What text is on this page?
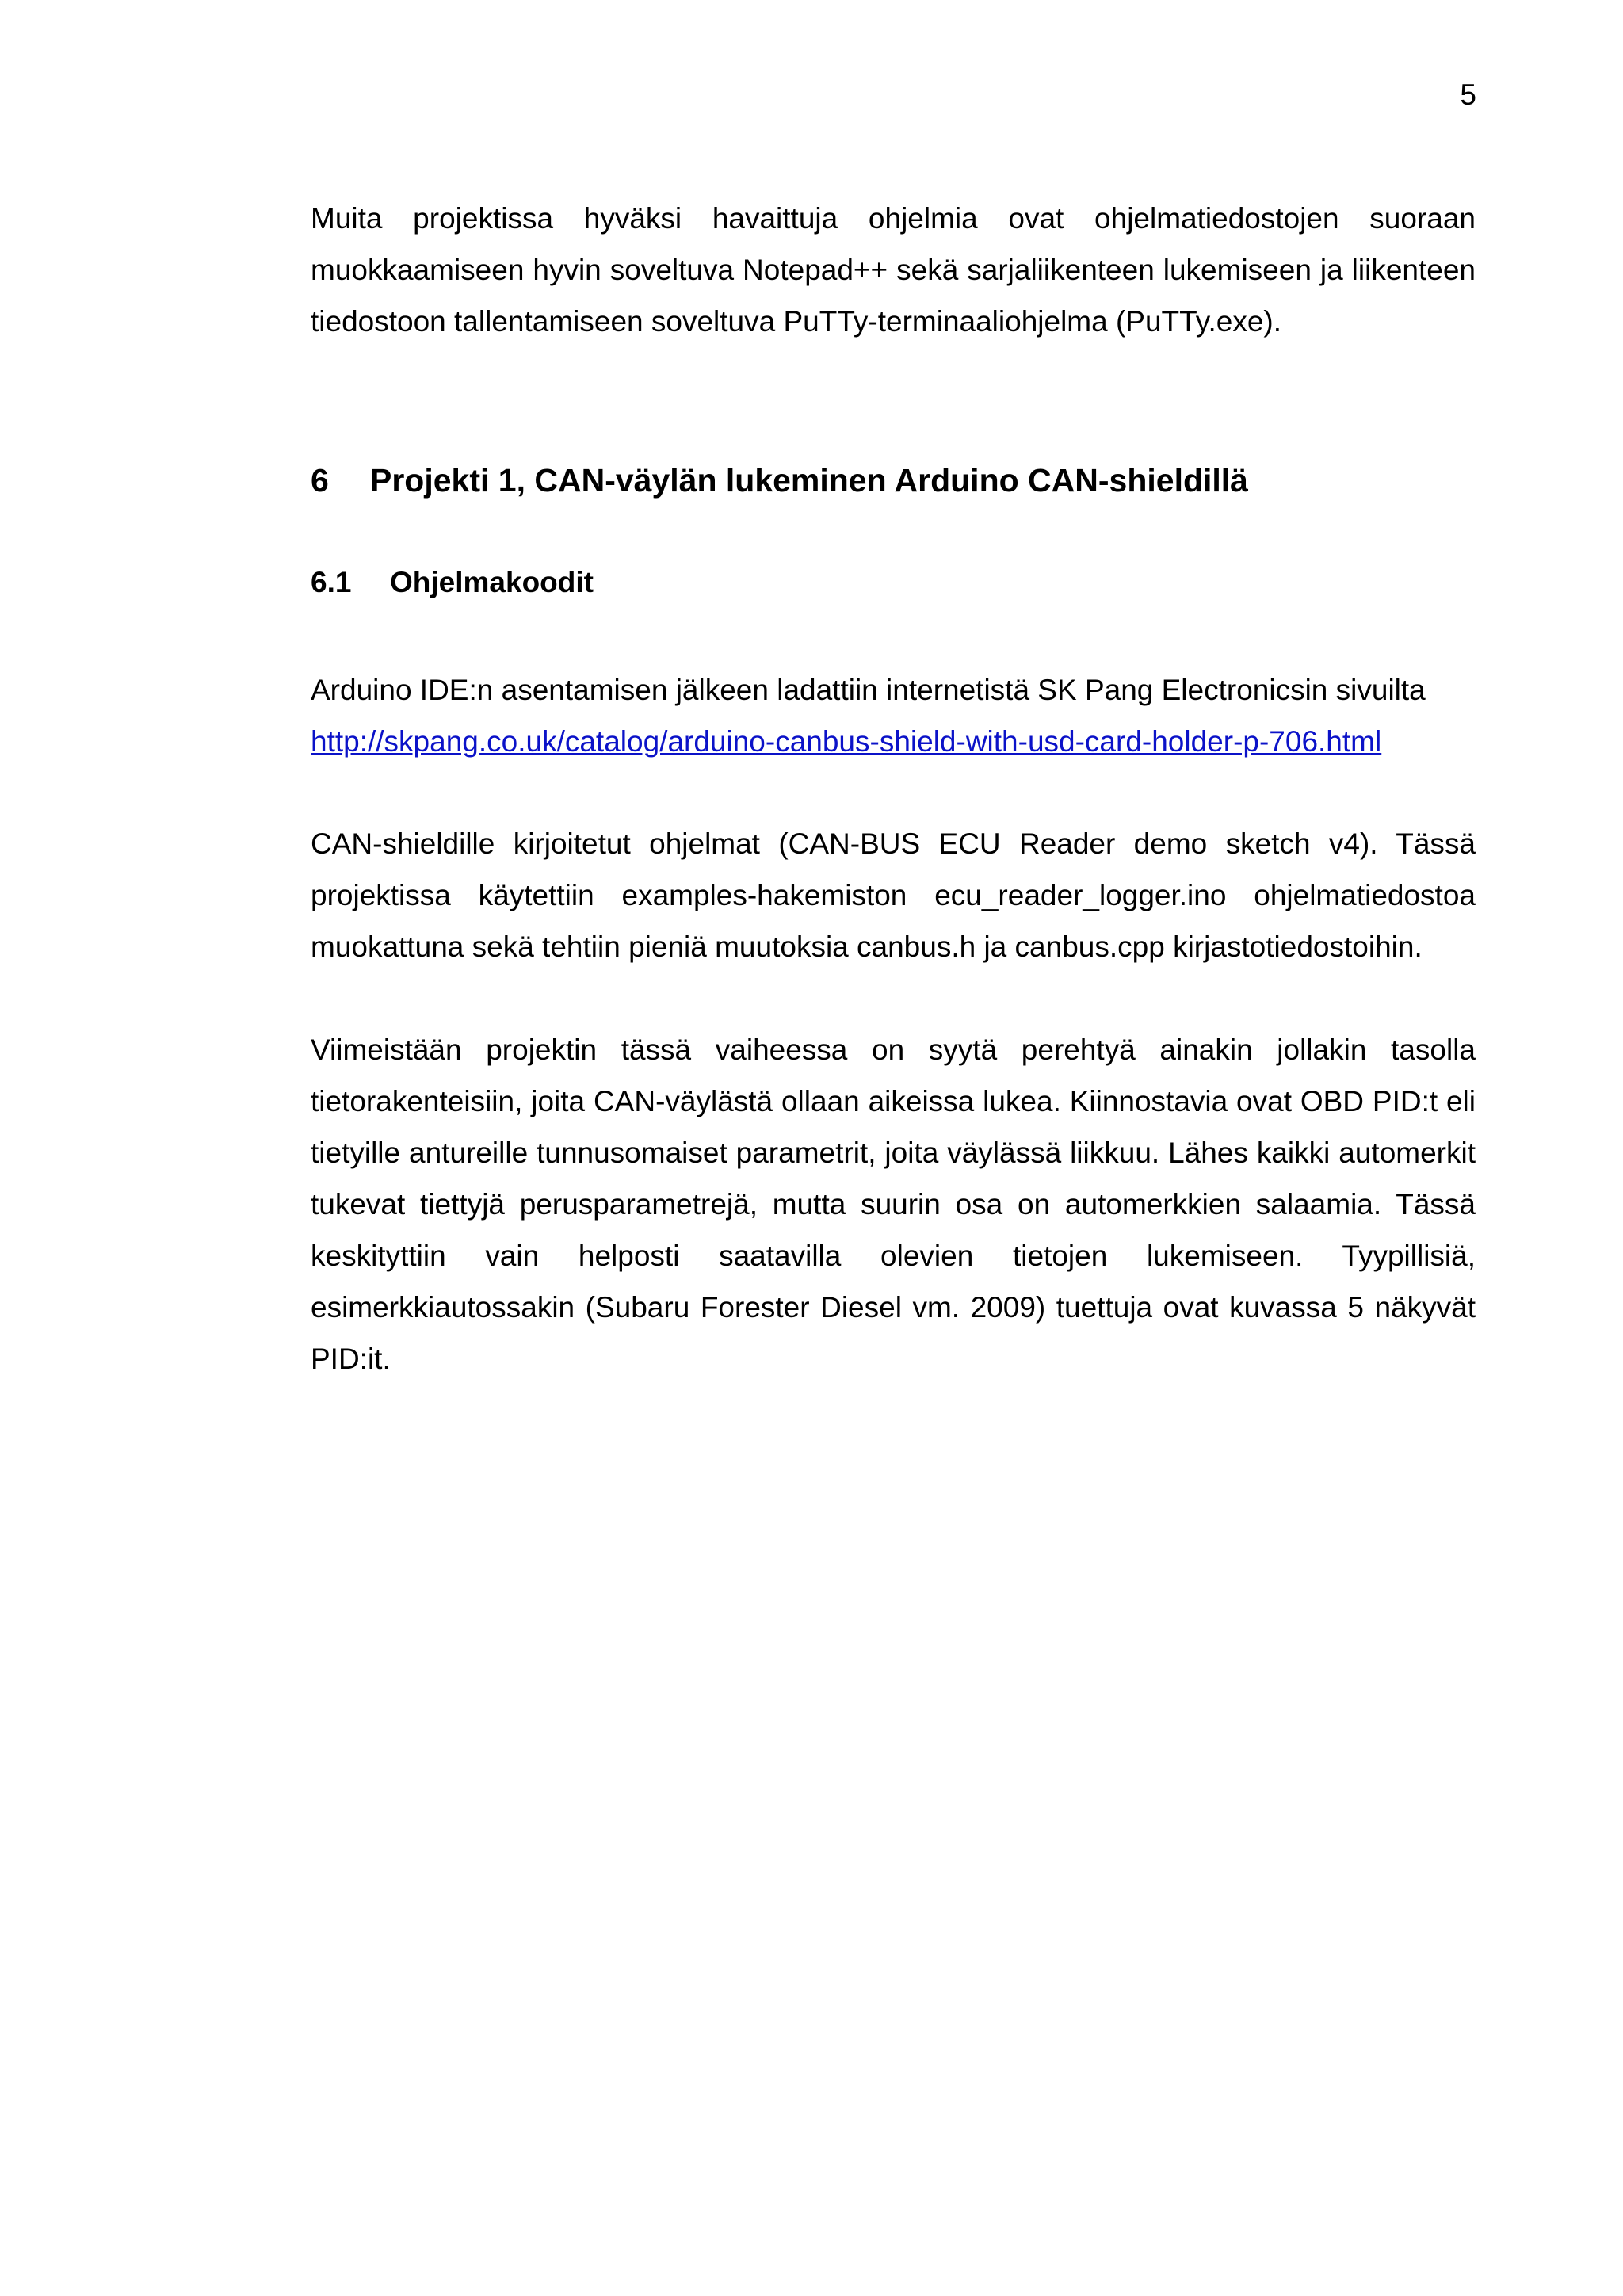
5

Muita projektissa hyväksi havaittuja ohjelmia ovat ohjelmatiedostojen suoraan muokkaamiseen hyvin soveltuva Notepad++ sekä sarjaliikenteen lukemiseen ja liikenteen tiedostoon tallentamiseen soveltuva PuTTy-terminaaliohjelma (PuTTy.exe).

6	Projekti 1, CAN-väylän lukeminen Arduino CAN-shieldillä
6.1	Ohjelmakoodit

Arduino IDE:n asentamisen jälkeen ladattiin internetistä SK Pang Electronicsin sivuilta

http://skpang.co.uk/catalog/arduino-canbus-shield-with-usd-card-holder-p-706.html

CAN-shieldille kirjoitetut ohjelmat (CAN-BUS ECU Reader demo sketch v4). Tässä projektissa käytettiin examples-hakemiston ecu_reader_logger.ino ohjelmatiedostoa muokattuna sekä tehtiin pieniä muutoksia canbus.h ja canbus.cpp kirjastotiedostoihin.

Viimeistään projektin tässä vaiheessa on syytä perehtyä ainakin jollakin tasolla tietorakenteisiin, joita CAN-väylästä ollaan aikeissa lukea. Kiinnostavia ovat OBD PID:t eli tietyille antureille tunnusomaiset parametrit, joita väylässä liikkuu. Lähes kaikki automerkit tukevat tiettyjä perusparametrejä, mutta suurin osa on automerkkien salaamia. Tässä keskityttiin vain helposti saatavilla olevien tietojen lukemiseen. Tyypillisiä, esimerkkiautossakin (Subaru Forester Diesel vm. 2009) tuettuja ovat kuvassa 5 näkyvät PID:it.
